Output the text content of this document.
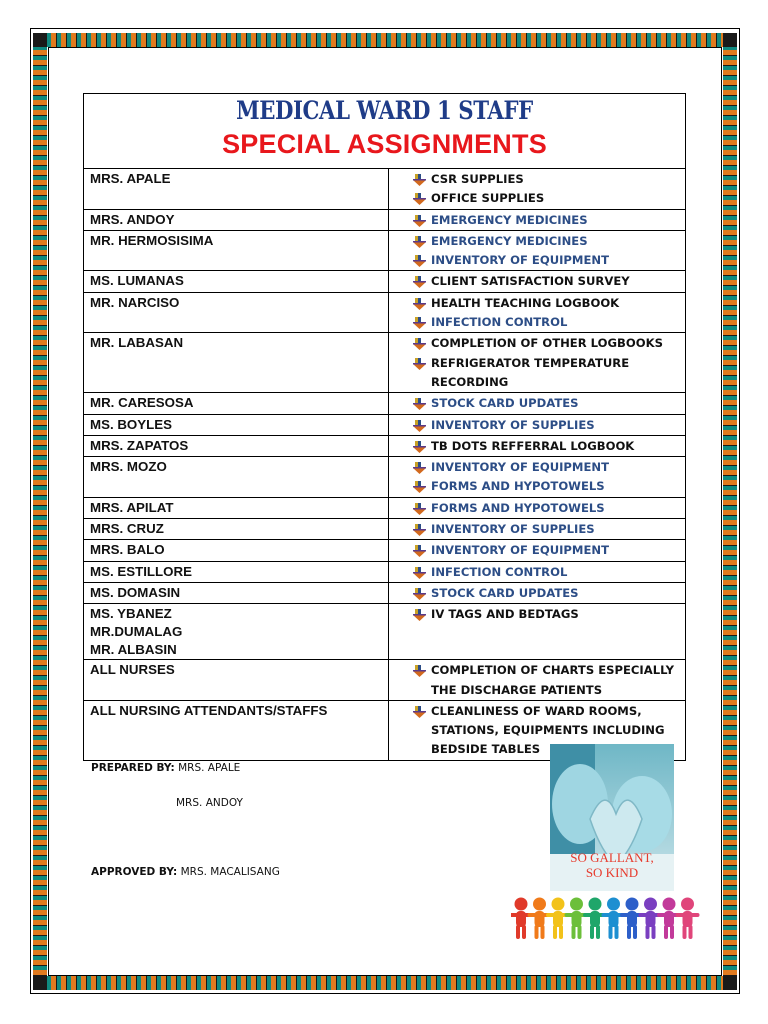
MEDICAL WARD 1 STAFF
SPECIAL ASSIGNMENTS	

MRS. APALE	CSR SUPPLIES
OFFICE SUPPLIES

MRS. ANDOY	EMERGENCY MEDICINES

MR. HERMOSISIMA	EMERGENCY MEDICINES
INVENTORY OF EQUIPMENT

MS. LUMANAS	CLIENT SATISFACTION SURVEY

MR. NARCISO	HEALTH TEACHING LOGBOOK
INFECTION CONTROL

MR. LABASAN	COMPLETION OF OTHER LOGBOOKS
REFRIGERATOR TEMPERATURE RECORDING

MR. CARESOSA	STOCK CARD UPDATES

MS. BOYLES	INVENTORY OF SUPPLIES

MRS. ZAPATOS	TB DOTS REFFERRAL LOGBOOK

MRS. MOZO	INVENTORY OF EQUIPMENT
FORMS AND HYPOTOWELS

MRS. APILAT	FORMS AND HYPOTOWELS

MRS. CRUZ	INVENTORY OF SUPPLIES

MRS. BALO	INVENTORY OF EQUIPMENT

MS. ESTILLORE	INFECTION CONTROL

MS. DOMASIN	STOCK CARD UPDATES

MS. YBANEZ
MR.DUMALAG
MR. ALBASIN	IV TAGS AND BEDTAGS

ALL NURSES	COMPLETION OF CHARTS ESPECIALLY THE DISCHARGE PATIENTS

ALL NURSING ATTENDANTS/STAFFS	CLEANLINESS OF WARD ROOMS, STATIONS, EQUIPMENTS INCLUDING BEDSIDE TABLES
PREPARED BY: MRS. APALE
MRS. ANDOY
APPROVED BY: MRS. MACALISANG
SO GALLANT,
SO KIND
